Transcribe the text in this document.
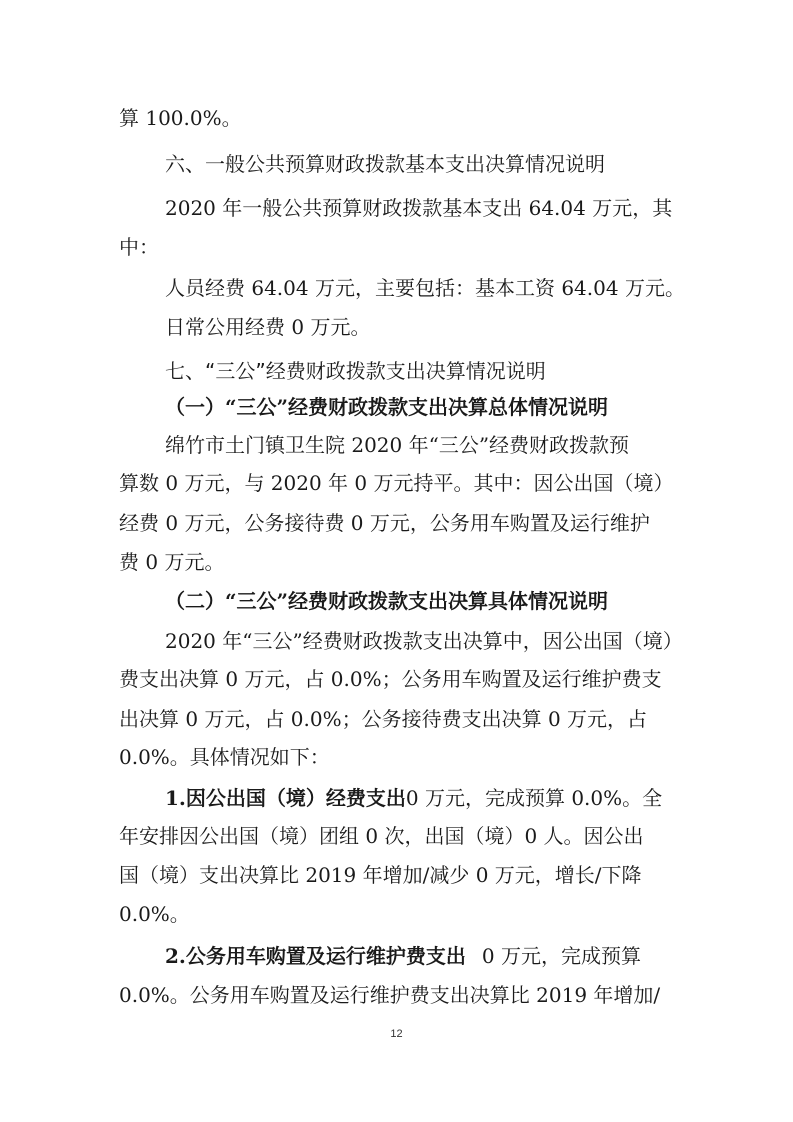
算 100.0%。
六、一般公共预算财政拨款基本支出决算情况说明
2020 年一般公共预算财政拨款基本支出 64.04 万元，其
中：
人员经费 64.04 万元，主要包括：基本工资 64.04 万元。
日常公用经费 0 万元。
七、“三公”经费财政拨款支出决算情况说明
（一）“三公”经费财政拨款支出决算总体情况说明
绵竹市土门镇卫生院 2020 年“三公”经费财政拨款预
算数 0 万元，与 2020 年 0 万元持平。其中：因公出国（境）
经费 0 万元，公务接待费 0 万元，公务用车购置及运行维护
费 0 万元。
（二）“三公”经费财政拨款支出决算具体情况说明
2020 年“三公”经费财政拨款支出决算中，因公出国（境）
费支出决算 0 万元，占 0.0%；公务用车购置及运行维护费支
出决算 0 万元，占 0.0%；公务接待费支出决算 0 万元，占
0.0%。具体情况如下：
1.因公出国（境）经费支出0 万元，完成预算 0.0%。全
年安排因公出国（境）团组 0 次，出国（境）0 人。因公出
国（境）支出决算比 2019 年增加/减少 0 万元，增长/下降
0.0%。
2.公务用车购置及运行维护费支出 0 万元，完成预算
0.0%。公务用车购置及运行维护费支出决算比 2019 年增加/
12
